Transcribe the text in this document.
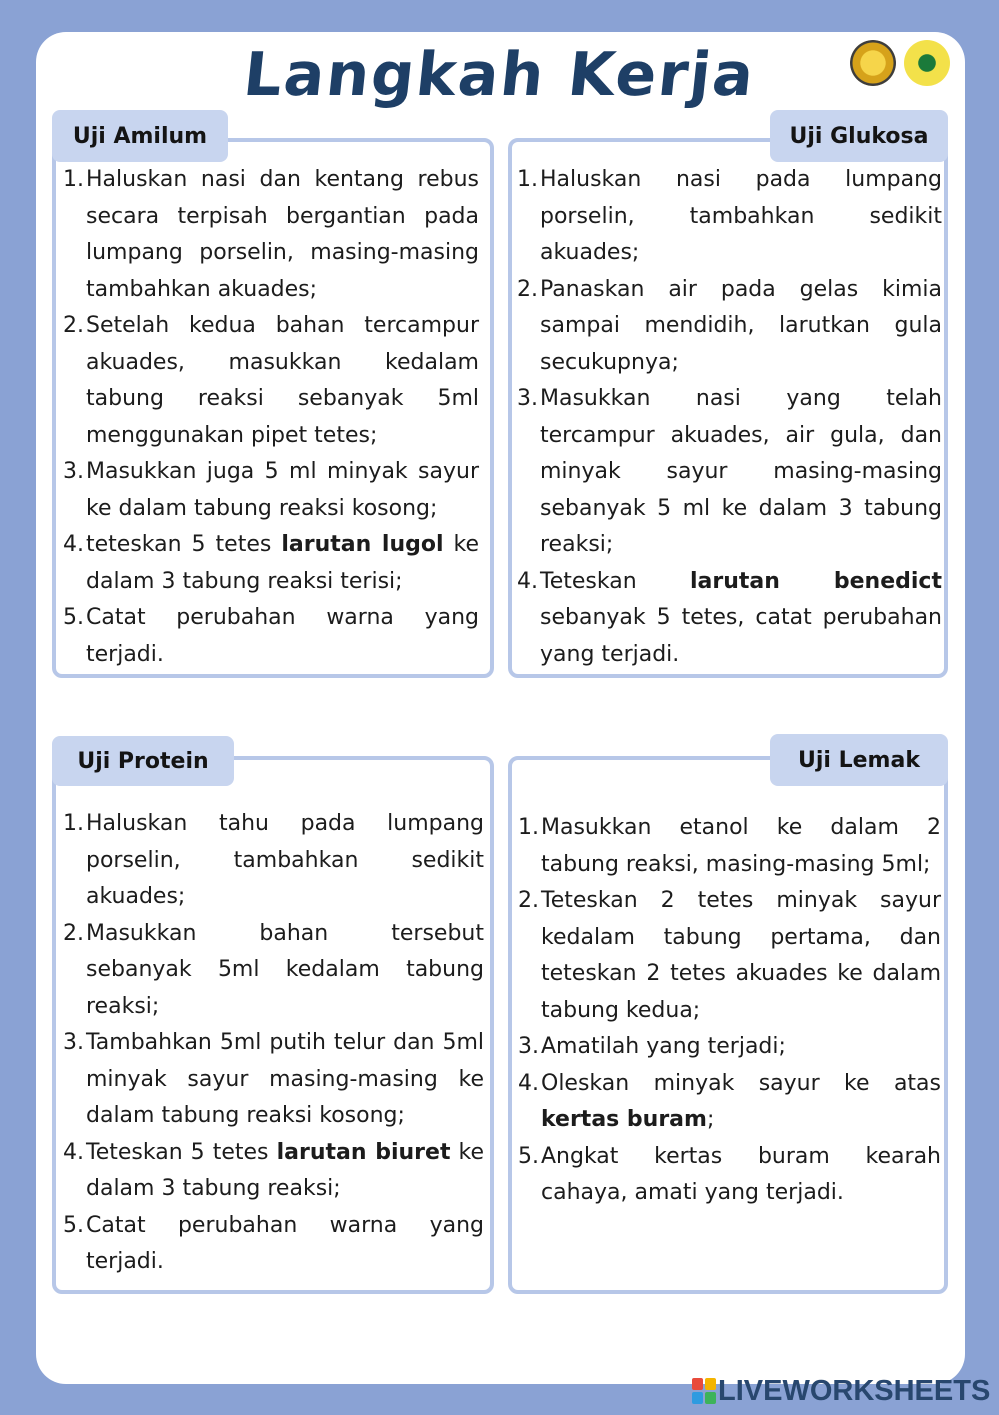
Langkah Kerja
Uji Amilum
1. Haluskan nasi dan kentang rebus secara terpisah bergantian pada lumpang porselin, masing-masing tambahkan akuades;
2. Setelah kedua bahan tercampur akuades, masukkan kedalam tabung reaksi sebanyak 5ml menggunakan pipet tetes;
3. Masukkan juga 5 ml minyak sayur ke dalam tabung reaksi kosong;
4. teteskan 5 tetes larutan lugol ke dalam 3 tabung reaksi terisi;
5. Catat perubahan warna yang terjadi.
Uji Glukosa
1. Haluskan nasi pada lumpang porselin, tambahkan sedikit akuades;
2. Panaskan air pada gelas kimia sampai mendidih, larutkan gula secukupnya;
3. Masukkan nasi yang telah tercampur akuades, air gula, dan minyak sayur masing-masing sebanyak 5 ml ke dalam 3 tabung reaksi;
4. Teteskan larutan benedict sebanyak 5 tetes, catat perubahan yang terjadi.
Uji Protein
1. Haluskan tahu pada lumpang porselin, tambahkan sedikit akuades;
2. Masukkan bahan tersebut sebanyak 5ml kedalam tabung reaksi;
3. Tambahkan 5ml putih telur dan 5ml minyak sayur masing-masing ke dalam tabung reaksi kosong;
4. Teteskan 5 tetes larutan biuret ke dalam 3 tabung reaksi;
5. Catat perubahan warna yang terjadi.
Uji Lemak
1. Masukkan etanol ke dalam 2 tabung reaksi, masing-masing 5ml;
2. Teteskan 2 tetes minyak sayur kedalam tabung pertama, dan teteskan 2 tetes akuades ke dalam tabung kedua;
3. Amatilah yang terjadi;
4. Oleskan minyak sayur ke atas kertas buram;
5. Angkat kertas buram kearah cahaya, amati yang terjadi.
LIVEWORKSHEETS
